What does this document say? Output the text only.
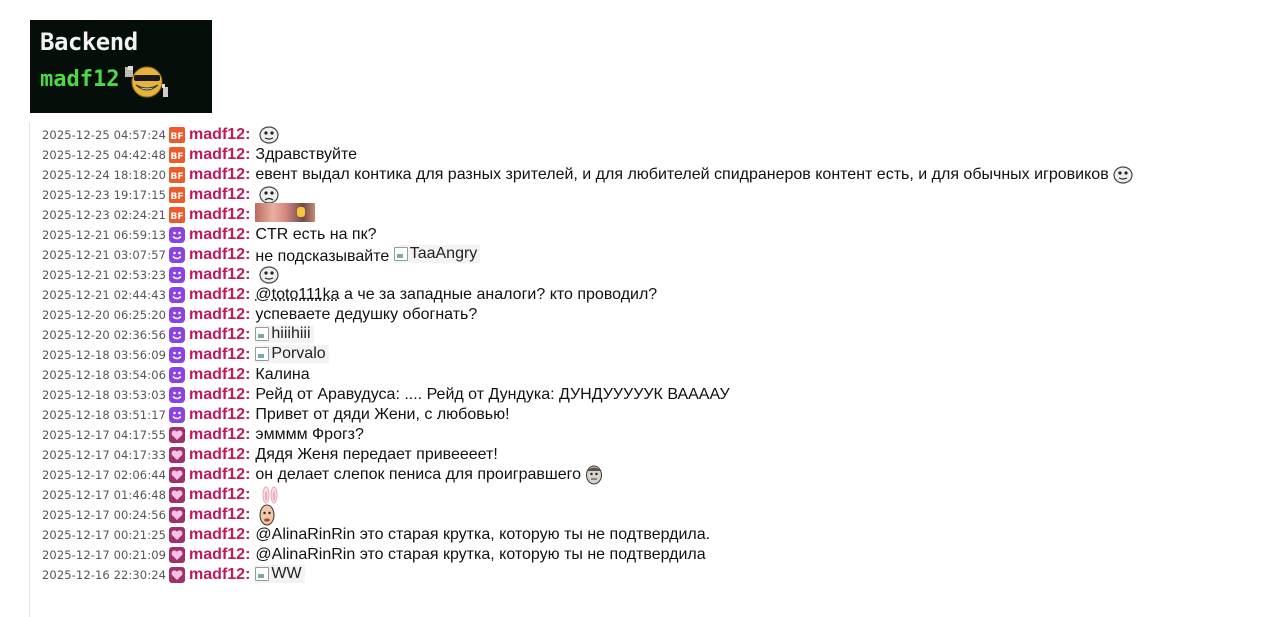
Backend
madf12
2025-12-25 04:57:24 BF madf12:
2025-12-25 04:42:48 BF madf12: Здравствуйте
2025-12-24 18:18:20 BF madf12: евент выдал контика для разных зрителей, и для любителей спидранеров контент есть, и для обычных игровиков
2025-12-23 19:17:15 BF madf12:
2025-12-23 02:24:21 BF madf12:
2025-12-21 06:59:13 madf12: CTR есть на пк?
2025-12-21 03:07:57 madf12: не подсказывайте TaaAngry
2025-12-21 02:53:23 madf12:
2025-12-21 02:44:43 madf12: @toto111ka а че за западные аналоги? кто проводил?
2025-12-20 06:25:20 madf12: успеваете дедушку обогнать?
2025-12-20 02:36:56 madf12: hiiihiii
2025-12-18 03:56:09 madf12: Porvalo
2025-12-18 03:54:06 madf12: Калина
2025-12-18 03:53:03 madf12: Рейд от Аравудуса: .... Рейд от Дундука: ДУНДУУУУУК ВААААУ
2025-12-18 03:51:17 madf12: Привет от дяди Жени, с любовью!
2025-12-17 04:17:55 madf12: эмммм Фрогз?
2025-12-17 04:17:33 madf12: Дядя Женя передает привеееет!
2025-12-17 02:06:44 madf12: он делает слепок пениса для проигравшего
2025-12-17 01:46:48 madf12:
2025-12-17 00:24:56 madf12:
2025-12-17 00:21:25 madf12: @AlinaRinRin это старая крутка, которую ты не подтвердила.
2025-12-17 00:21:09 madf12: @AlinaRinRin это старая крутка, которую ты не подтвердила
2025-12-16 22:30:24 madf12: WW
